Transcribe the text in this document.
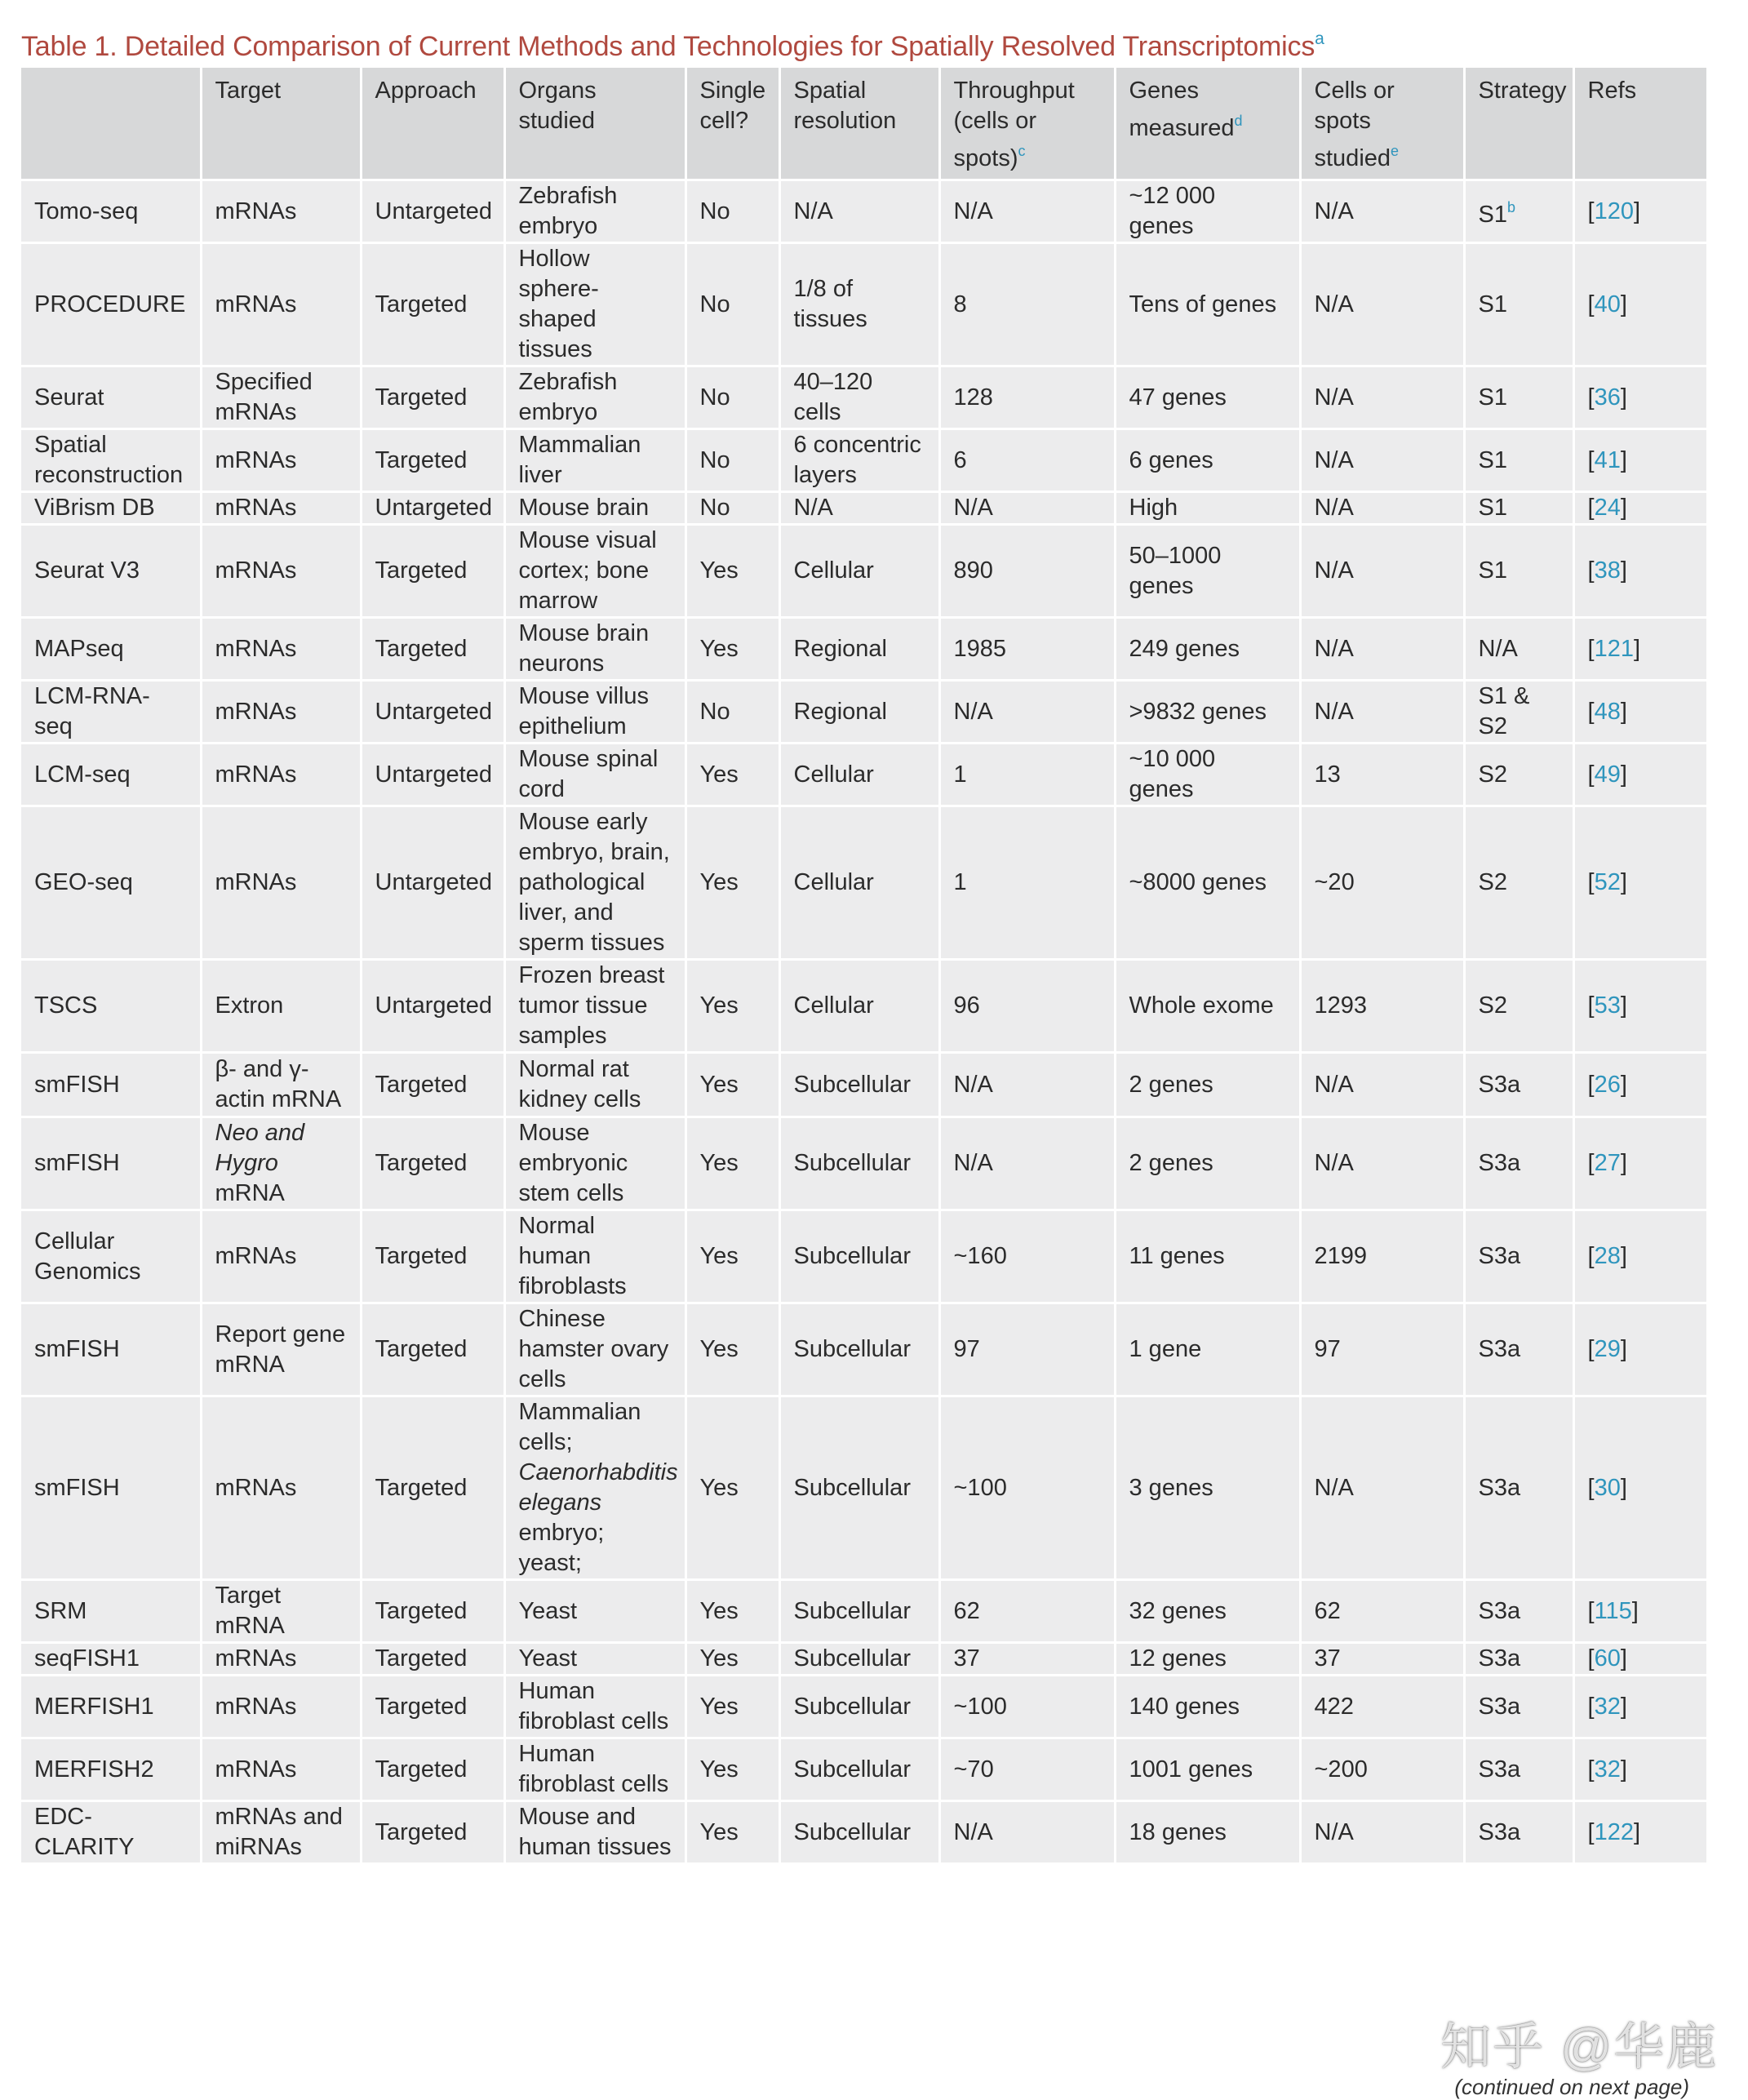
Table 1. Detailed Comparison of Current Methods and Technologies for Spatially Resolved Transcriptomics$^a$
	Target	Approach	Organs studied	Single cell?	Spatial resolution	Throughput (cells or spots)$^c$	Genes measured$^d$	Cells or spots studied$^e$	Strategy	Refs
Tomo-seq	mRNAs	Untargeted	Zebrafish embryo	No	N/A	N/A	~12 000 genes	N/A	S1$^b$	[120]
PROCEDURE	mRNAs	Targeted	Hollow sphere-shaped tissues	No	1/8 of tissues	8	Tens of genes	N/A	S1	[40]
Seurat	Specified mRNAs	Targeted	Zebrafish embryo	No	40–120 cells	128	47 genes	N/A	S1	[36]
Spatial reconstruction	mRNAs	Targeted	Mammalian liver	No	6 concentric layers	6	6 genes	N/A	S1	[41]
ViBrism DB	mRNAs	Untargeted	Mouse brain	No	N/A	N/A	High	N/A	S1	[24]
Seurat V3	mRNAs	Targeted	Mouse visual cortex; bone marrow	Yes	Cellular	890	50–1000 genes	N/A	S1	[38]
MAPseq	mRNAs	Targeted	Mouse brain neurons	Yes	Regional	1985	249 genes	N/A	N/A	[121]
LCM-RNA-seq	mRNAs	Untargeted	Mouse villus epithelium	No	Regional	N/A	>9832 genes	N/A	S1 & S2	[48]
LCM-seq	mRNAs	Untargeted	Mouse spinal cord	Yes	Cellular	1	~10 000 genes	13	S2	[49]
GEO-seq	mRNAs	Untargeted	Mouse early embryo, brain, pathological liver, and sperm tissues	Yes	Cellular	1	~8000 genes	~20	S2	[52]
TSCS	Extron	Untargeted	Frozen breast tumor tissue samples	Yes	Cellular	96	Whole exome	1293	S2	[53]
smFISH	β- and γ-actin mRNA	Targeted	Normal rat kidney cells	Yes	Subcellular	N/A	2 genes	N/A	S3a	[26]
smFISH	Neo and Hygro mRNA	Targeted	Mouse embryonic stem cells	Yes	Subcellular	N/A	2 genes	N/A	S3a	[27]
Cellular Genomics	mRNAs	Targeted	Normal human fibroblasts	Yes	Subcellular	~160	11 genes	2199	S3a	[28]
smFISH	Report gene mRNA	Targeted	Chinese hamster ovary cells	Yes	Subcellular	97	1 gene	97	S3a	[29]
smFISH	mRNAs	Targeted	Mammalian cells; Caenorhabditis elegans embryo; yeast;	Yes	Subcellular	~100	3 genes	N/A	S3a	[30]
SRM	Target mRNA	Targeted	Yeast	Yes	Subcellular	62	32 genes	62	S3a	[115]
seqFISH1	mRNAs	Targeted	Yeast	Yes	Subcellular	37	12 genes	37	S3a	[60]
MERFISH1	mRNAs	Targeted	Human fibroblast cells	Yes	Subcellular	~100	140 genes	422	S3a	[32]
MERFISH2	mRNAs	Targeted	Human fibroblast cells	Yes	Subcellular	~70	1001 genes	~200	S3a	[32]
EDC-CLARITY	mRNAs and miRNAs	Targeted	Mouse and human tissues	Yes	Subcellular	N/A	18 genes	N/A	S3a	[122]
(continued on next page)
知乎 @华鹿
